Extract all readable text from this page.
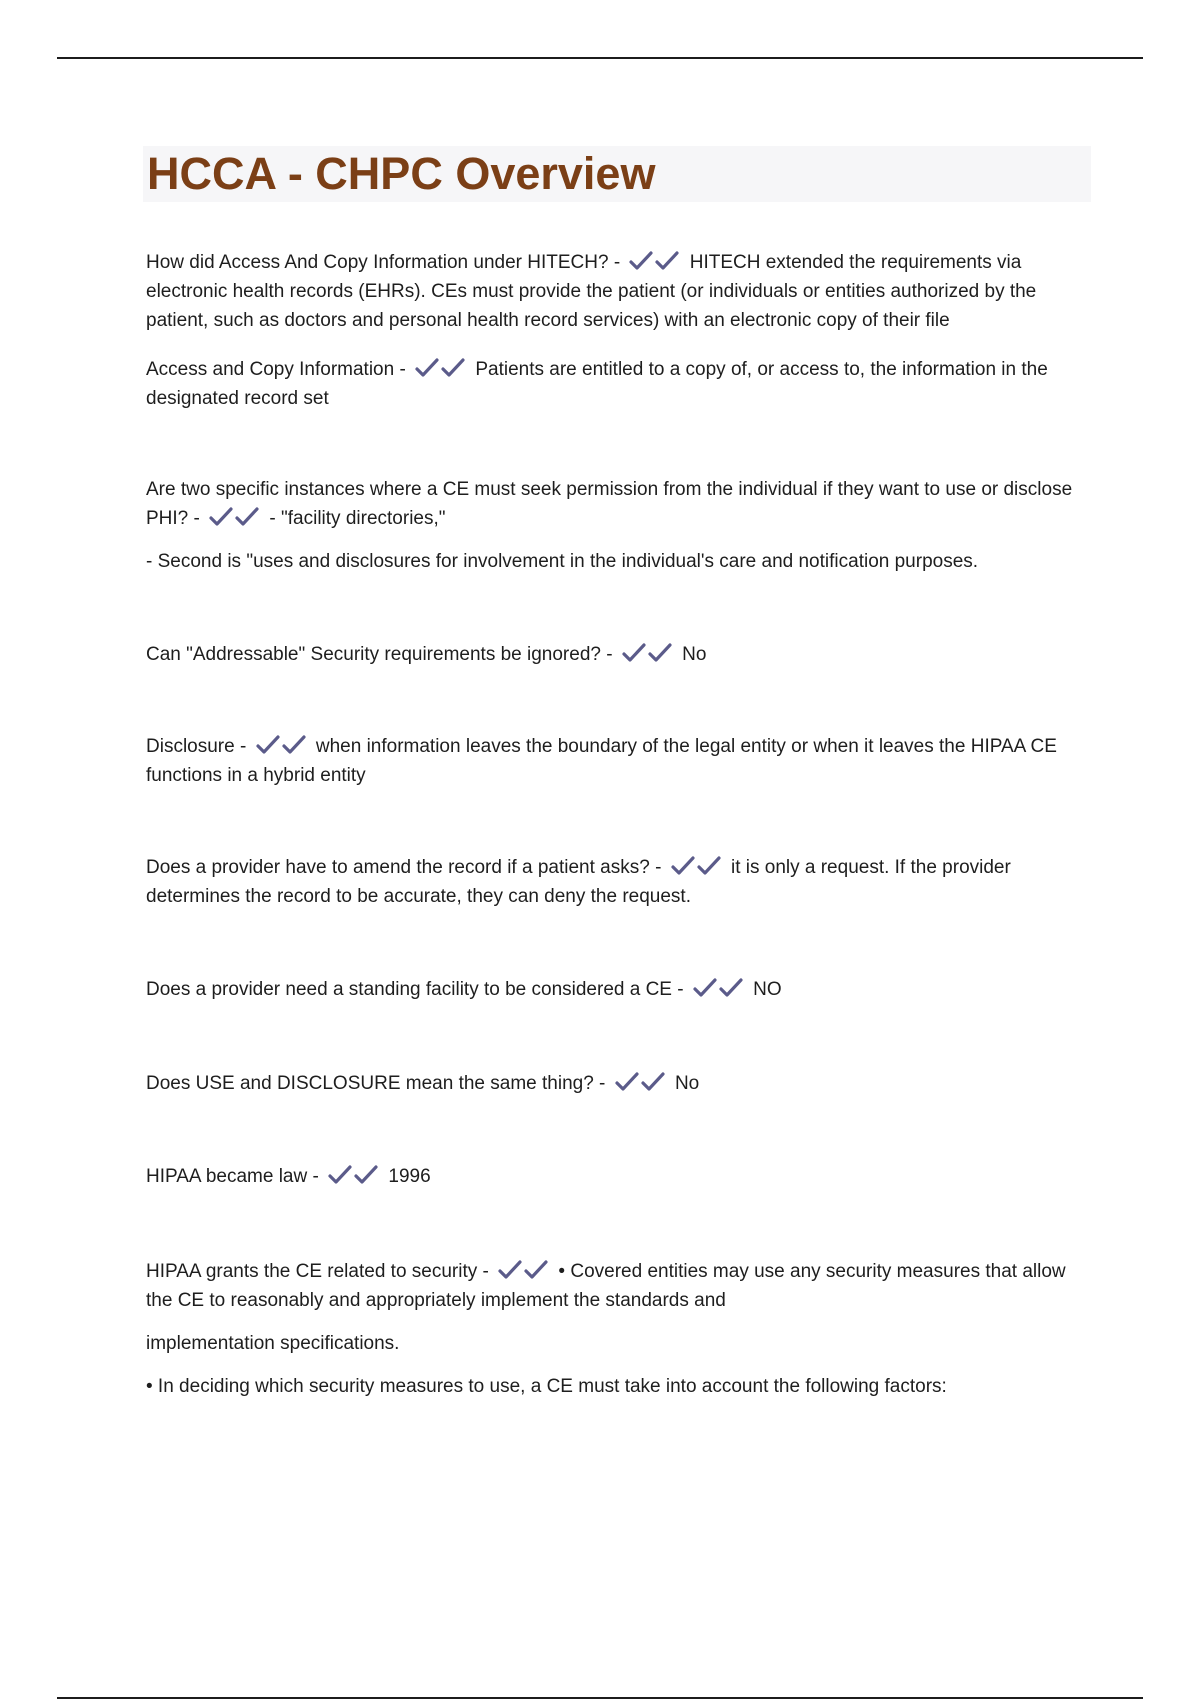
HCCA - CHPC Overview

How did Access And Copy Information under HITECH? -	HITECH extended the requirements via electronic health records (EHRs). CEs must provide the patient (or individuals or entities authorized by the patient, such as doctors and personal health record services) with an electronic copy of their file

Access and Copy Information -	Patients are entitled to a copy of, or access to, the information in the designated record set

Are two specific instances where a CE must seek permission from the individual if they want to use or disclose PHI? -	- "facility directories,"

- Second is "uses and disclosures for involvement in the individual's care and notification purposes.

Can "Addressable" Security requirements be ignored? -	No

Disclosure -	when information leaves the boundary of the legal entity or when it leaves the HIPAA CE functions in a hybrid entity

Does a provider have to amend the record if a patient asks? -	it is only a request. If the provider determines the record to be accurate, they can deny the request.

Does a provider need a standing facility to be considered a CE -	NO

Does USE and DISCLOSURE mean the same thing? -	No

HIPAA became law -	1996

HIPAA grants the CE related to security -	• Covered entities may use any security measures that allow the CE to reasonably and appropriately implement the standards and

implementation specifications.

• In deciding which security measures to use, a CE must take into account the following factors:
